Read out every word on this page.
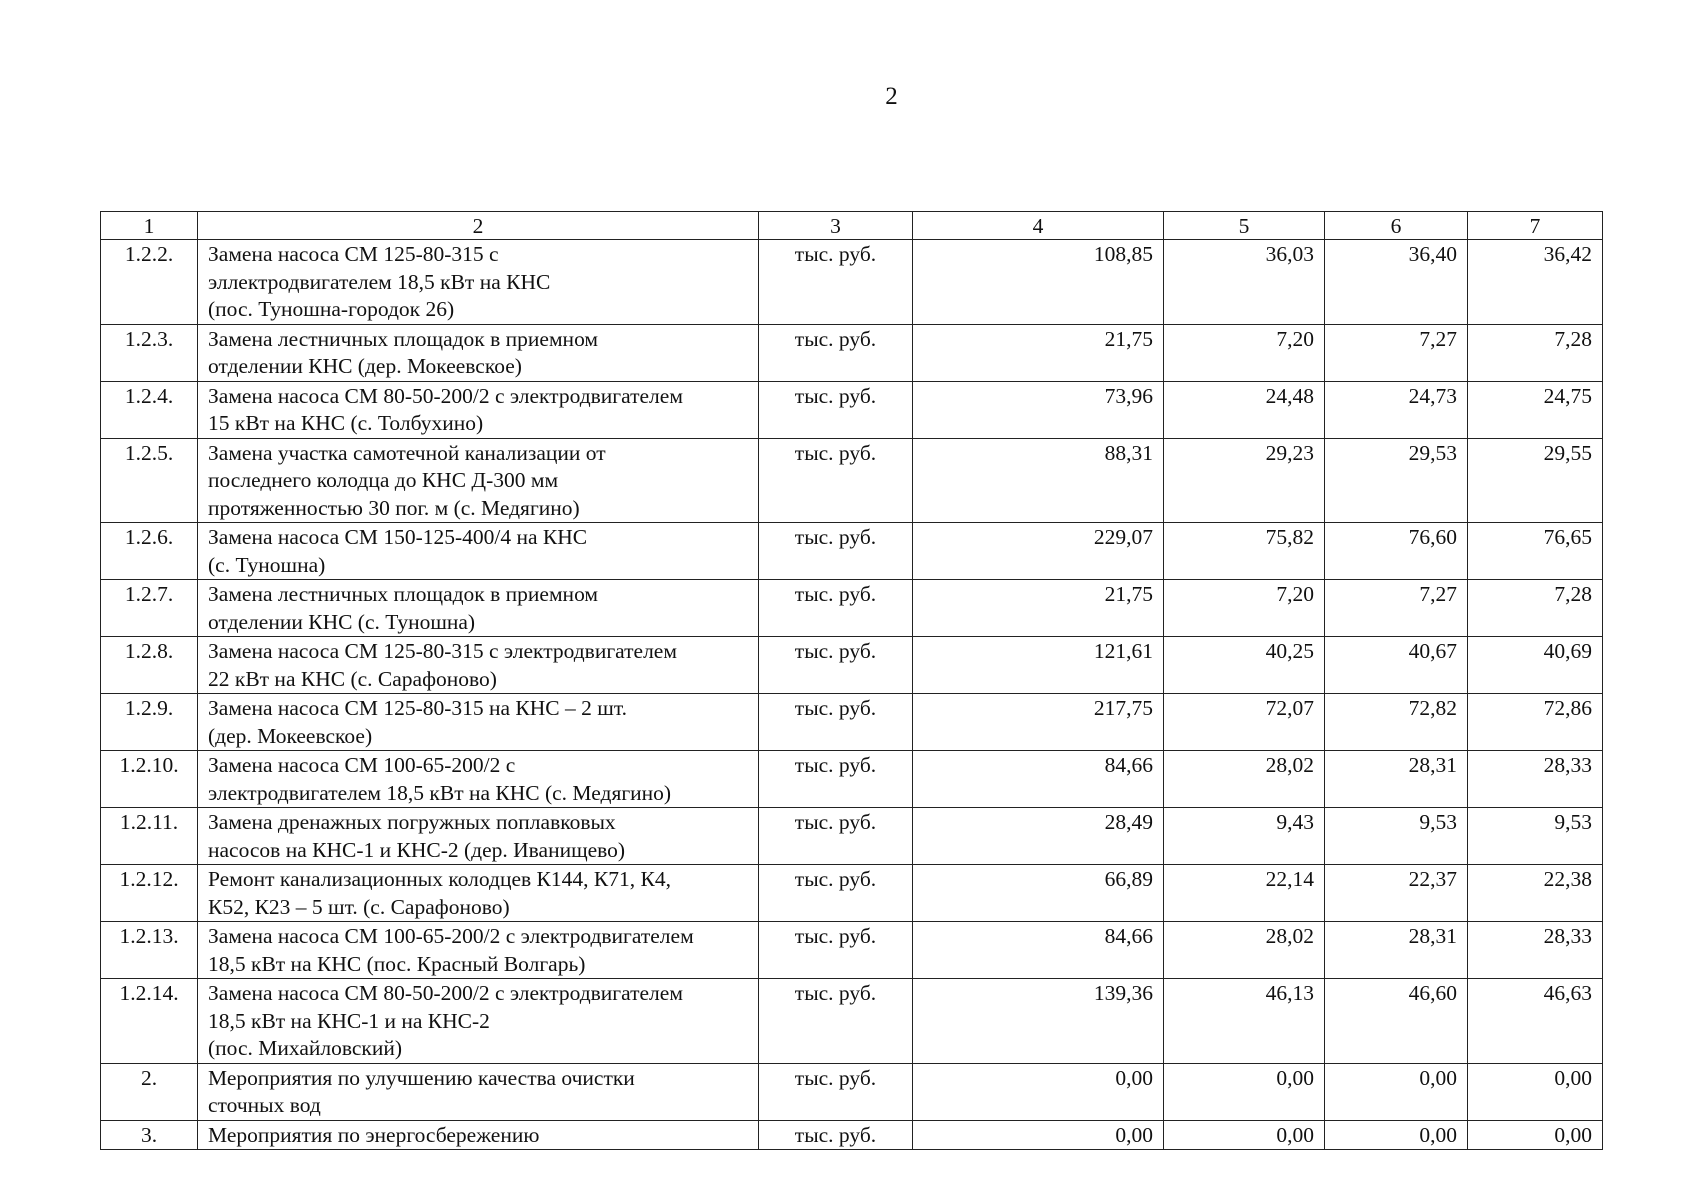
2
1	2	3	4	5	6	7
1.2.2.	Замена насоса СМ 125-80-315 с
эллектродвигателем 18,5 кВт на КНС
(пос. Туношна-городок 26)	тыс. руб.	108,85	36,03	36,40	36,42
1.2.3.	Замена лестничных площадок в приемном
отделении КНС (дер. Мокеевское)	тыс. руб.	21,75	7,20	7,27	7,28
1.2.4.	Замена насоса СМ 80-50-200/2 с электродвигателем
15 кВт на КНС (с. Толбухино)	тыс. руб.	73,96	24,48	24,73	24,75
1.2.5.	Замена участка самотечной канализации от
последнего колодца до КНС Д-300 мм
протяженностью 30 пог. м (с. Медягино)	тыс. руб.	88,31	29,23	29,53	29,55
1.2.6.	Замена насоса СМ 150-125-400/4 на КНС
(с. Туношна)	тыс. руб.	229,07	75,82	76,60	76,65
1.2.7.	Замена лестничных площадок в приемном
отделении КНС (с. Туношна)	тыс. руб.	21,75	7,20	7,27	7,28
1.2.8.	Замена насоса СМ 125-80-315 с электродвигателем
22 кВт на КНС (с. Сарафоново)	тыс. руб.	121,61	40,25	40,67	40,69
1.2.9.	Замена насоса СМ 125-80-315 на КНС – 2 шт.
(дер. Мокеевское)	тыс. руб.	217,75	72,07	72,82	72,86
1.2.10.	Замена насоса СМ 100-65-200/2 с
электродвигателем 18,5 кВт на КНС (с. Медягино)	тыс. руб.	84,66	28,02	28,31	28,33
1.2.11.	Замена дренажных погружных поплавковых
насосов на КНС-1 и КНС-2 (дер. Иванищево)	тыс. руб.	28,49	9,43	9,53	9,53
1.2.12.	Ремонт канализационных колодцев К144, К71, К4,
К52, К23 – 5 шт. (с. Сарафоново)	тыс. руб.	66,89	22,14	22,37	22,38
1.2.13.	Замена насоса СМ 100-65-200/2 с электродвигателем
18,5 кВт на КНС (пос. Красный Волгарь)	тыс. руб.	84,66	28,02	28,31	28,33
1.2.14.	Замена насоса СМ 80-50-200/2 с электродвигателем
18,5 кВт на КНС-1 и на КНС-2
(пос. Михайловский)	тыс. руб.	139,36	46,13	46,60	46,63
2.	Мероприятия по улучшению качества очистки
сточных вод	тыс. руб.	0,00	0,00	0,00	0,00
3.	Мероприятия по энергосбережению	тыс. руб.	0,00	0,00	0,00	0,00
